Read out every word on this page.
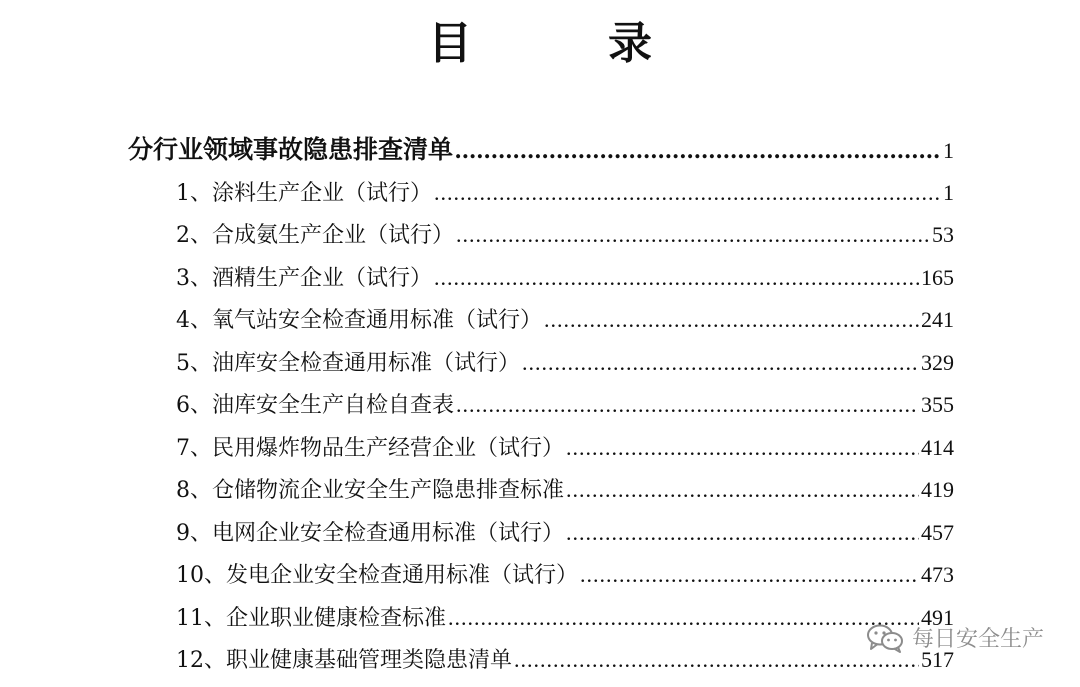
目　录
分行业领域事故隐患排查清单 .....	1
1、 涂料生产企业（试行） .....	1
2、 合成氨生产企业（试行） .....	53
3、 酒精生产企业（试行） .....	165
4、 氧气站安全检查通用标准（试行） .....	241
5、 油库安全检查通用标准（试行） .....	329
6、 油库安全生产自检自查表 .....	355
7、 民用爆炸物品生产经营企业（试行） .....	414
8、 仓储物流企业安全生产隐患排查标准 .....	419
9、 电网企业安全检查通用标准（试行） .....	457
10、 发电企业安全检查通用标准（试行） .....	473
11、 企业职业健康检查标准 .....	491
12、 职业健康基础管理类隐患清单 .....	517
每日安全生产
